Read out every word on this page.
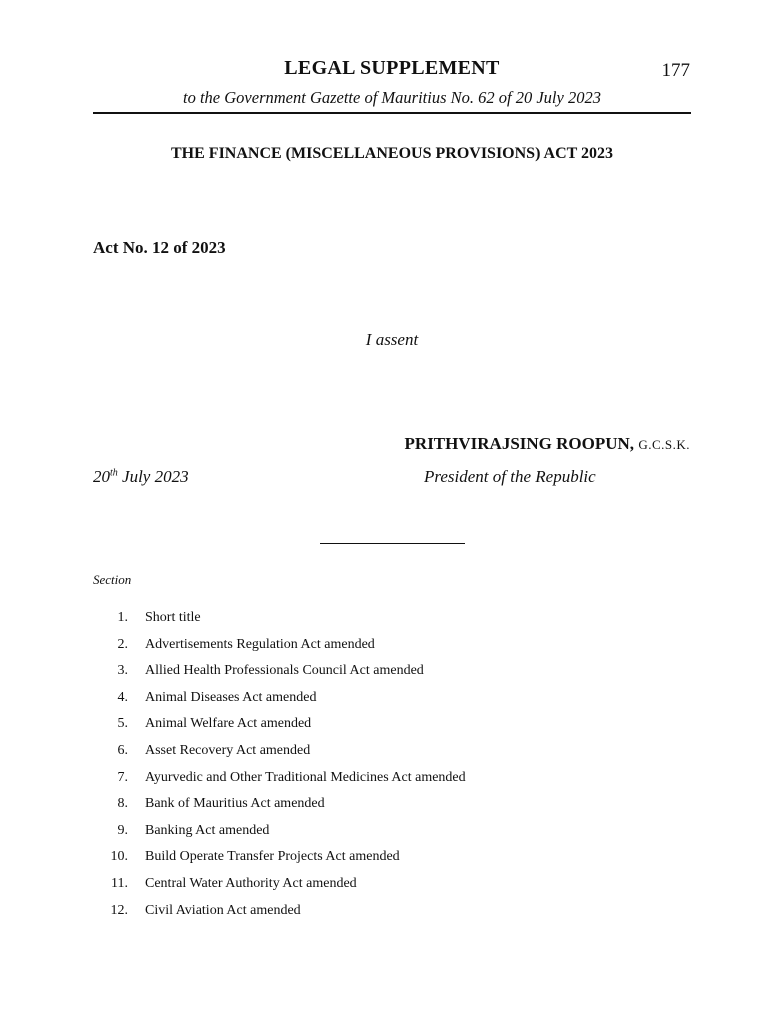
LEGAL SUPPLEMENT	177
to the Government Gazette of Mauritius No. 62 of 20 July 2023
THE FINANCE (MISCELLANEOUS PROVISIONS) ACT 2023
Act No. 12 of 2023
I assent
PRITHVIRAJSING ROOPUN, G.C.S.K.
20th July 2023	President of the Republic
Section
1. Short title
2. Advertisements Regulation Act amended
3. Allied Health Professionals Council Act amended
4. Animal Diseases Act amended
5. Animal Welfare Act amended
6. Asset Recovery Act amended
7. Ayurvedic and Other Traditional Medicines Act amended
8. Bank of Mauritius Act amended
9. Banking Act amended
10. Build Operate Transfer Projects Act amended
11. Central Water Authority Act amended
12. Civil Aviation Act amended
